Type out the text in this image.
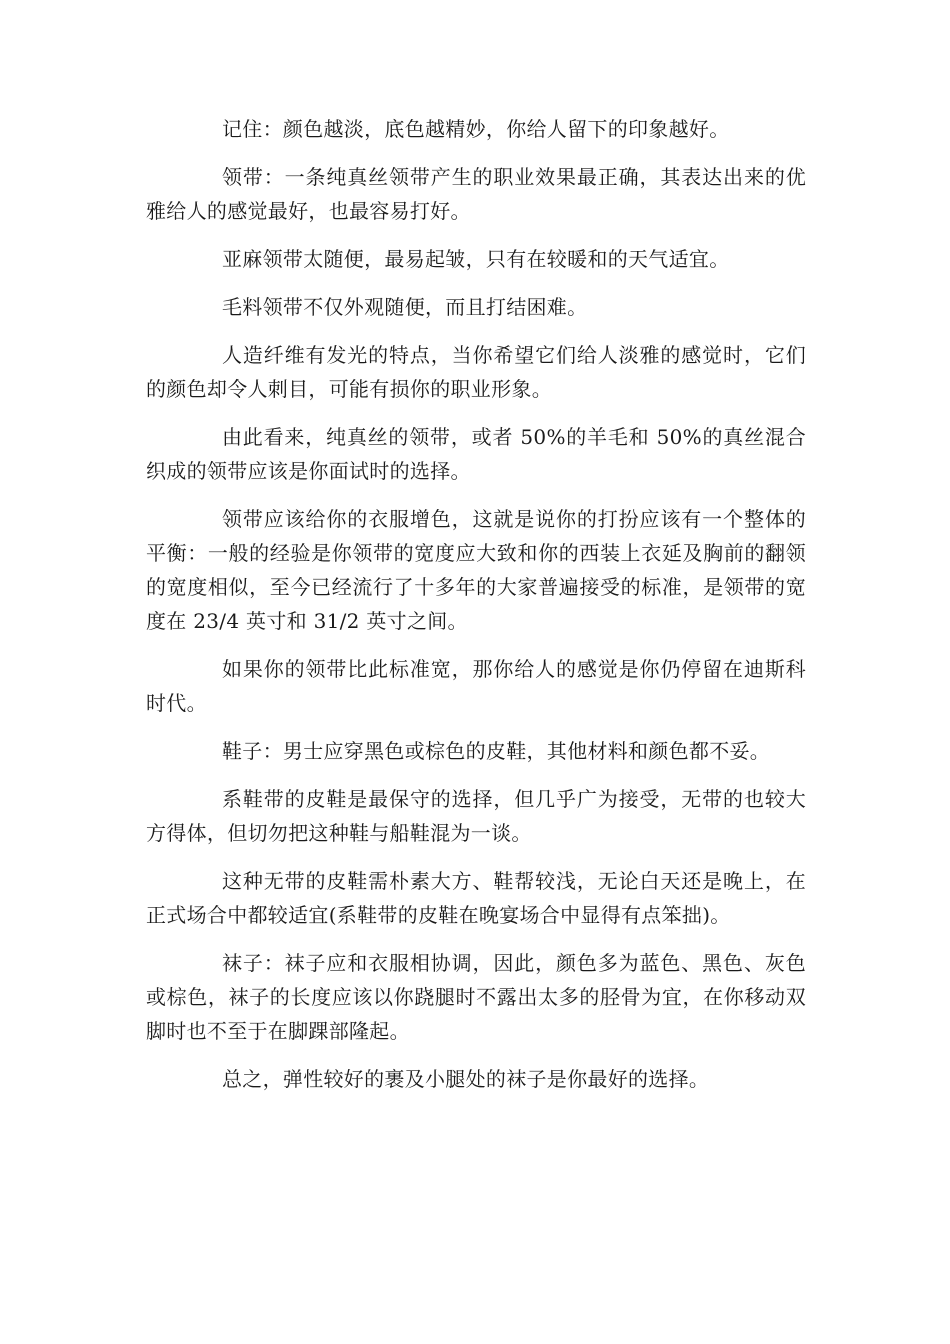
记住：颜色越淡，底色越精妙，你给人留下的印象越好。

领带：一条纯真丝领带产生的职业效果最正确，其表达出来的优雅给人的感觉最好，也最容易打好。

亚麻领带太随便，最易起皱，只有在较暖和的天气适宜。

毛料领带不仅外观随便，而且打结困难。

人造纤维有发光的特点，当你希望它们给人淡雅的感觉时，它们的颜色却令人刺目，可能有损你的职业形象。

由此看来，纯真丝的领带，或者 50%的羊毛和 50%的真丝混合织成的领带应该是你面试时的选择。

领带应该给你的衣服增色，这就是说你的打扮应该有一个整体的平衡：一般的经验是你领带的宽度应大致和你的西装上衣延及胸前的翻领的宽度相似，至今已经流行了十多年的大家普遍接受的标准，是领带的宽度在 23/4 英寸和 31/2 英寸之间。

如果你的领带比此标准宽，那你给人的感觉是你仍停留在迪斯科时代。

鞋子：男士应穿黑色或棕色的皮鞋，其他材料和颜色都不妥。

系鞋带的皮鞋是最保守的选择，但几乎广为接受，无带的也较大方得体，但切勿把这种鞋与船鞋混为一谈。

这种无带的皮鞋需朴素大方、鞋帮较浅，无论白天还是晚上，在正式场合中都较适宜(系鞋带的皮鞋在晚宴场合中显得有点笨拙)。

袜子：袜子应和衣服相协调，因此，颜色多为蓝色、黑色、灰色或棕色，袜子的长度应该以你跷腿时不露出太多的胫骨为宜，在你移动双脚时也不至于在脚踝部隆起。

总之，弹性较好的裹及小腿处的袜子是你最好的选择。
